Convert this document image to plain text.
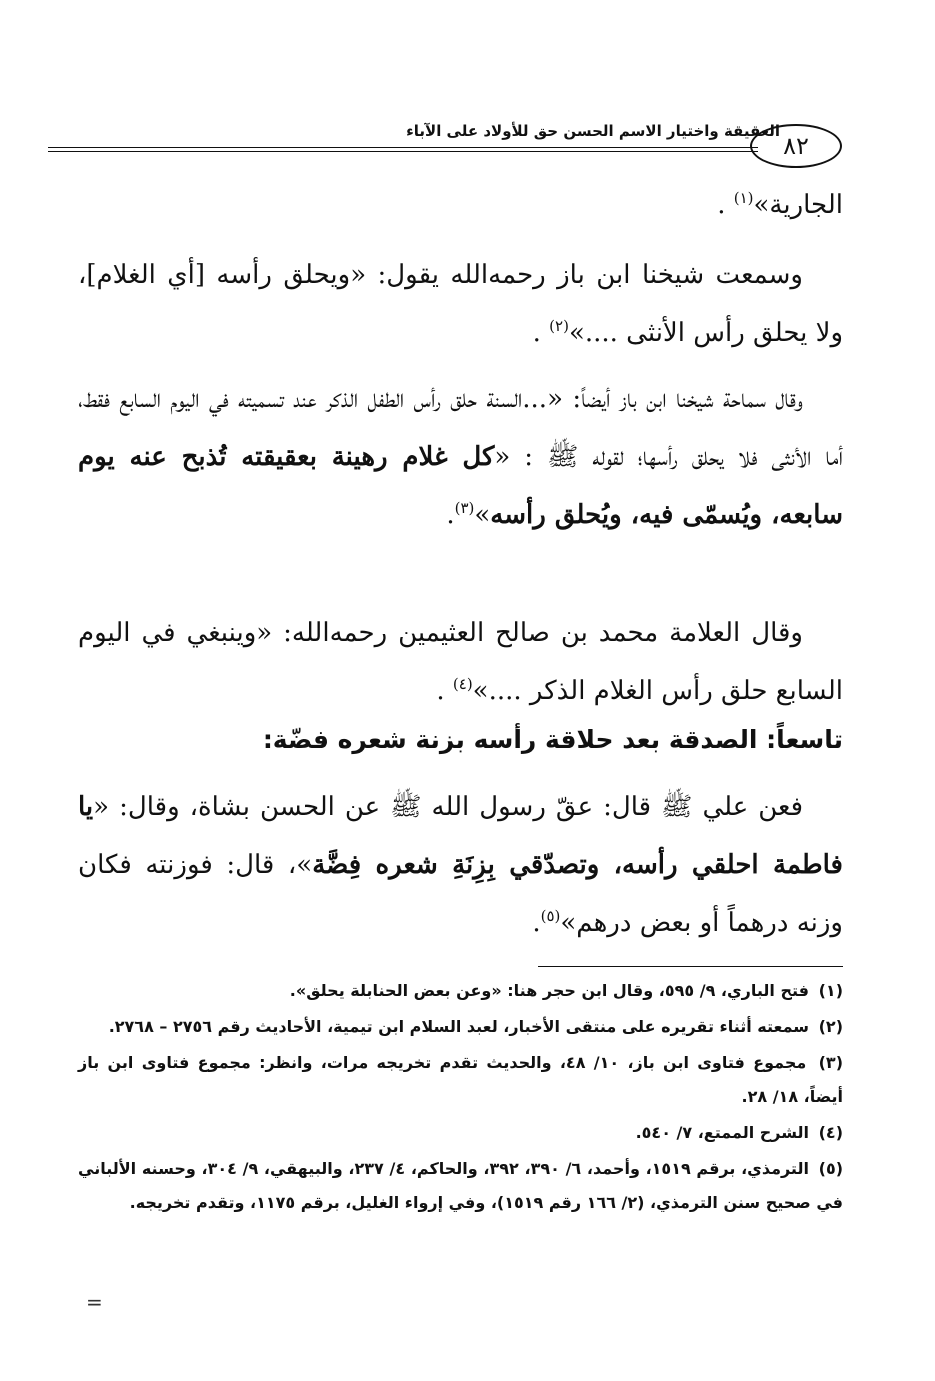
العقيقة واختيار الاسم الحسن حق للأولاد على الآباء
٨٢
الجارية»$^{(١)}$ .
وسمعت شيخنا ابن باز رحمه‌الله يقول: «ويحلق رأسه [أي الغلام]، ولا يحلق رأس الأنثى ....»$^{(٢)}$ .
وقال سماحة شيخنا ابن باز أيضاً: «...السنة حلق رأس الطفل الذكر عند تسميته في اليوم السابع فقط، أما الأنثى فلا يحلق رأسها؛ لقوله ﷺ : «كل غلام رهينة بعقيقته تُذبح عنه يوم سابعه، ويُسمّى فيه، ويُحلق رأسه»$^{(٣)}$.
وقال العلامة محمد بن صالح العثيمين رحمه‌الله: «وينبغي في اليوم السابع حلق رأس الغلام الذكر ....»$^{(٤)}$ .
تاسعاً: الصدقة بعد حلاقة رأسه بزنة شعره فضّة:
فعن علي ﷺ قال: عقّ رسول الله ﷺ عن الحسن بشاة، وقال: «يا فاطمة احلقي رأسه، وتصدّقي بِزِنَةِ شعره فِضَّة»، قال: فوزنته فكان وزنه درهماً أو بعض درهم»$^{(٥)}$.
(١) فتح الباري، ٩/ ٥٩٥، وقال ابن حجر هنا: «وعن بعض الحنابلة يحلق».
(٢) سمعته أثناء تقريره على منتقى الأخبار، لعبد السلام ابن تيمية، الأحاديث رقم ٢٧٥٦ – ٢٧٦٨.
(٣) مجموع فتاوى ابن باز، ١٠/ ٤٨، والحديث تقدم تخريجه مرات، وانظر: مجموع فتاوى ابن باز أيضاً، ١٨/ ٢٨.
(٤) الشرح الممتع، ٧/ ٥٤٠.
(٥) الترمذي، برقم ١٥١٩، وأحمد، ٦/ ٣٩٠، ٣٩٢، والحاكم، ٤/ ٢٣٧، والبيهقي، ٩/ ٣٠٤، وحسنه الألباني في صحيح سنن الترمذي، (٢/ ١٦٦ رقم ١٥١٩)، وفي إرواء الغليل، برقم ١١٧٥، وتقدم تخريجه.
=
